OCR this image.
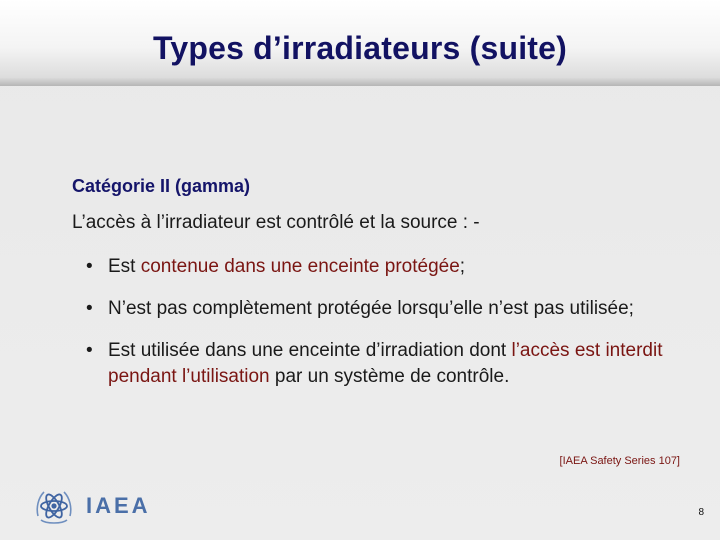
Types d’irradiateurs (suite)

Catégorie II (gamma)

L’accès à l’irradiateur est contrôlé et la source : -

• Est contenue dans une enceinte protégée;
• N’est pas complètement protégée lorsqu’elle n’est pas utilisée;
• Est utilisée dans une enceinte d’irradiation dont l’accès est interdit pendant l’utilisation par un système de contrôle.
[IAEA Safety Series 107]
IAEA	8
